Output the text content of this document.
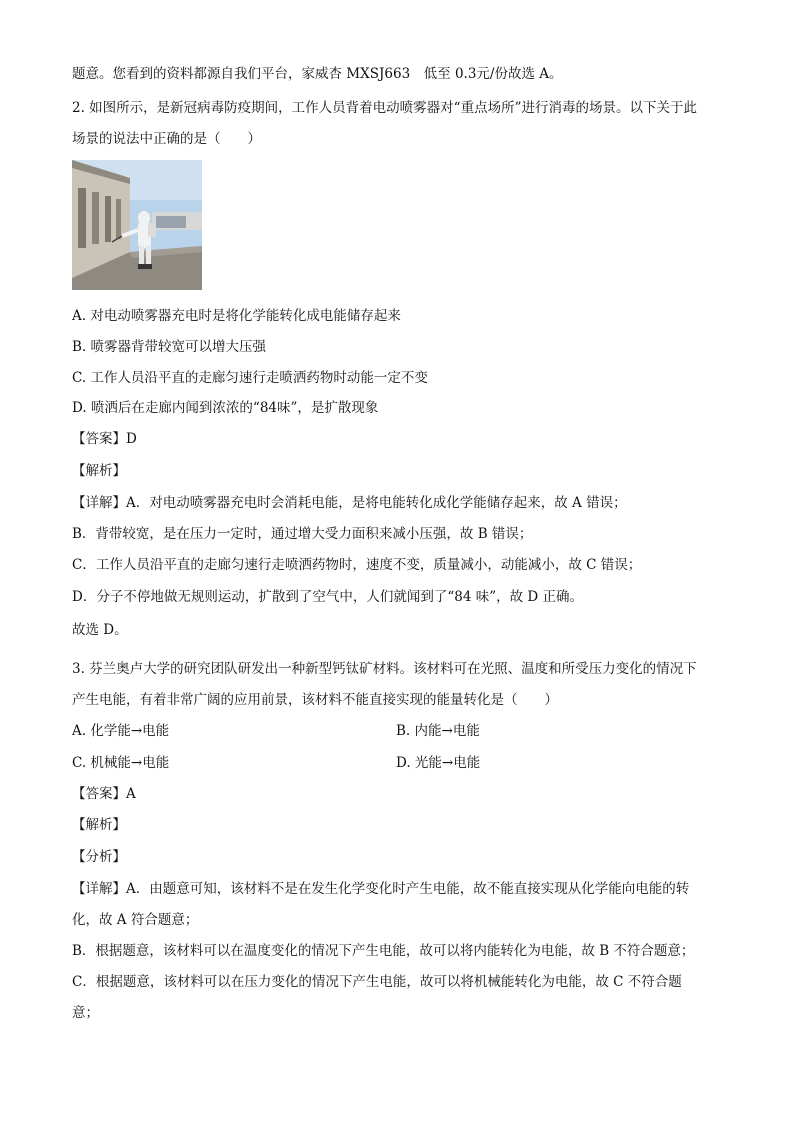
题意。您看到的资料都源自我们平台，家威杏 MXSJ663　低至 0.3元/份故选 A。
2. 如图所示，是新冠病毒防疫期间，工作人员背着电动喷雾器对“重点场所”进行消毒的场景。以下关于此
场景的说法中正确的是（　　）
A. 对电动喷雾器充电时是将化学能转化成电能储存起来
B. 喷雾器背带较宽可以增大压强
C. 工作人员沿平直的走廊匀速行走喷洒药物时动能一定不变
D. 喷洒后在走廊内闻到浓浓的“84味”，是扩散现象
【答案】D
【解析】
【详解】A．对电动喷雾器充电时会消耗电能，是将电能转化成化学能储存起来，故 A 错误；
B．背带较宽，是在压力一定时，通过增大受力面积来减小压强，故 B 错误；
C．工作人员沿平直的走廊匀速行走喷洒药物时，速度不变，质量减小，动能减小，故 C 错误；
D．分子不停地做无规则运动，扩散到了空气中，人们就闻到了“84 味”，故 D 正确。
故选 D。
3. 芬兰奥卢大学的研究团队研发出一种新型钙钛矿材料。该材料可在光照、温度和所受压力变化的情况下
产生电能，有着非常广阔的应用前景，该材料不能直接实现的能量转化是（　　）
A. 化学能→电能	B. 内能→电能
C. 机械能→电能	D. 光能→电能
【答案】A
【解析】
【分析】
【详解】A．由题意可知，该材料不是在发生化学变化时产生电能，故不能直接实现从化学能向电能的转
化，故 A 符合题意；
B．根据题意，该材料可以在温度变化的情况下产生电能，故可以将内能转化为电能，故 B 不符合题意；
C．根据题意，该材料可以在压力变化的情况下产生电能，故可以将机械能转化为电能，故 C 不符合题
意；
